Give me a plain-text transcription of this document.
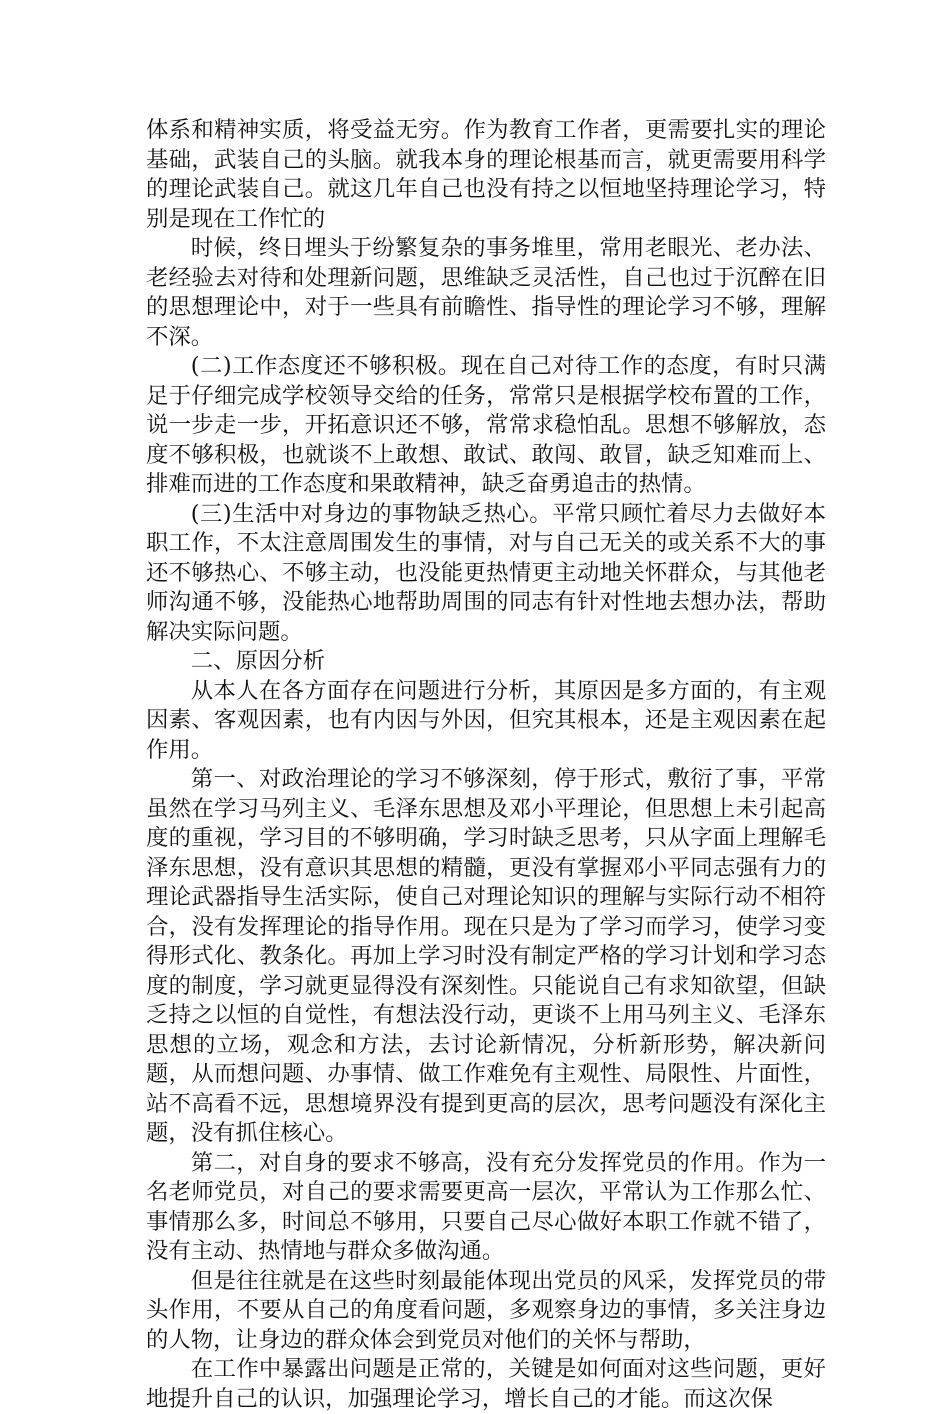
体系和精神实质，将受益无穷。作为教育工作者，更需要扎实的理论基础，武装自己的头脑。就我本身的理论根基而言，就更需要用科学的理论武装自己。就这几年自己也没有持之以恒地坚持理论学习，特别是现在工作忙的

时候，终日埋头于纷繁复杂的事务堆里，常用老眼光、老办法、老经验去对待和处理新问题，思维缺乏灵活性，自己也过于沉醉在旧的思想理论中，对于一些具有前瞻性、指导性的理论学习不够，理解不深。

(二)工作态度还不够积极。现在自己对待工作的态度，有时只满足于仔细完成学校领导交给的任务，常常只是根据学校布置的工作，说一步走一步，开拓意识还不够，常常求稳怕乱。思想不够解放，态度不够积极，也就谈不上敢想、敢试、敢闯、敢冒，缺乏知难而上、排难而进的工作态度和果敢精神，缺乏奋勇追击的热情。

(三)生活中对身边的事物缺乏热心。平常只顾忙着尽力去做好本职工作，不太注意周围发生的事情，对与自己无关的或关系不大的事还不够热心、不够主动，也没能更热情更主动地关怀群众，与其他老师沟通不够，没能热心地帮助周围的同志有针对性地去想办法，帮助解决实际问题。

二、原因分析

从本人在各方面存在问题进行分析，其原因是多方面的，有主观因素、客观因素，也有内因与外因，但究其根本，还是主观因素在起作用。

第一、对政治理论的学习不够深刻，停于形式，敷衍了事，平常虽然在学习马列主义、毛泽东思想及邓小平理论，但思想上未引起高度的重视，学习目的不够明确，学习时缺乏思考，只从字面上理解毛泽东思想，没有意识其思想的精髓，更没有掌握邓小平同志强有力的理论武器指导生活实际，使自己对理论知识的理解与实际行动不相符合，没有发挥理论的指导作用。现在只是为了学习而学习，使学习变得形式化、教条化。再加上学习时没有制定严格的学习计划和学习态度的制度，学习就更显得没有深刻性。只能说自己有求知欲望，但缺乏持之以恒的自觉性，有想法没行动，更谈不上用马列主义、毛泽东思想的立场，观念和方法，去讨论新情况，分析新形势，解决新问题，从而想问题、办事情、做工作难免有主观性、局限性、片面性，站不高看不远，思想境界没有提到更高的层次，思考问题没有深化主题，没有抓住核心。

第二，对自身的要求不够高，没有充分发挥党员的作用。作为一名老师党员，对自己的要求需要更高一层次，平常认为工作那么忙、事情那么多，时间总不够用，只要自己尽心做好本职工作就不错了，没有主动、热情地与群众多做沟通。

但是往往就是在这些时刻最能体现出党员的风采，发挥党员的带头作用，不要从自己的角度看问题，多观察身边的事情，多关注身边的人物，让身边的群众体会到党员对他们的关怀与帮助，

在工作中暴露出问题是正常的，关键是如何面对这些问题，更好地提升自己的认识，加强理论学习，增长自己的才能。而这次保
